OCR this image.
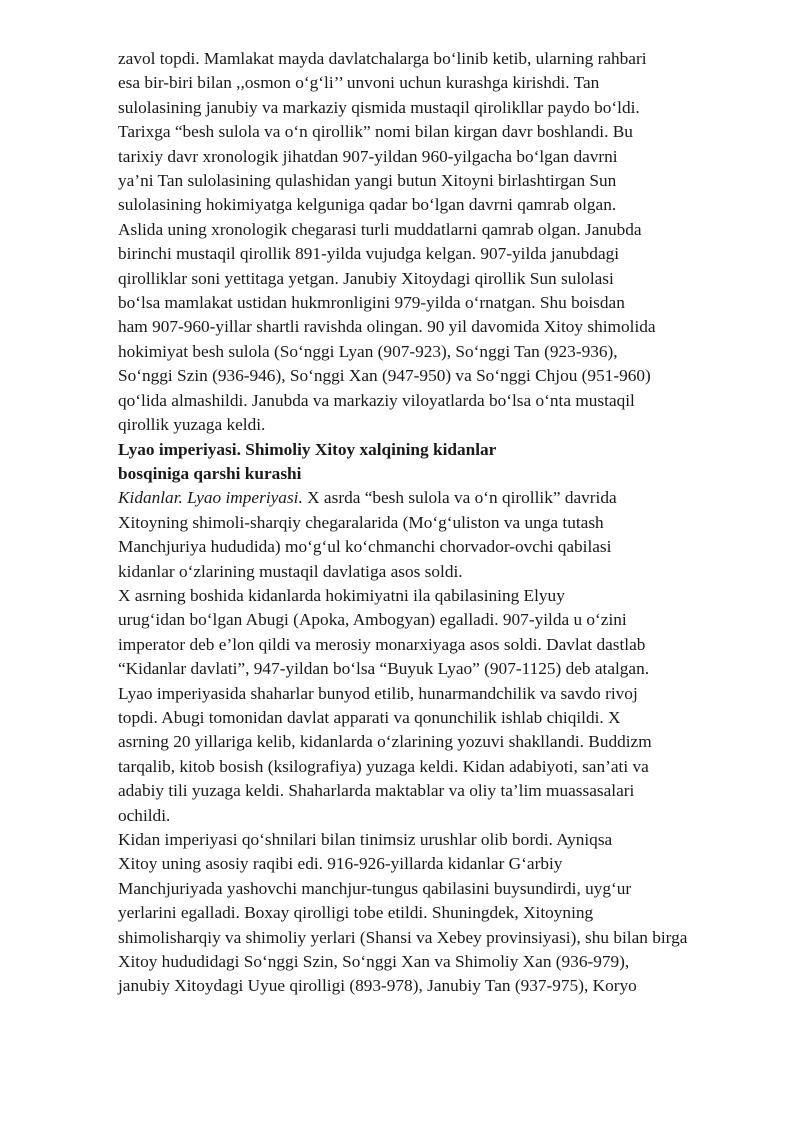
zavol topdi. Mamlakat mayda davlatchalarga bo‘linib ketib, ularning rahbari
esa bir-biri bilan ,,osmon o‘g‘li’’ unvoni uchun kurashga kirishdi. Tan
sulolasining janubiy va markaziy qismida mustaqil qirolikllar paydo bo‘ldi.
Tarixga “besh sulola va o‘n qirollik” nomi bilan kirgan davr boshlandi. Bu
tarixiy davr xronologik jihatdan 907-yildan 960-yilgacha bo‘lgan davrni
ya’ni Tan sulolasining qulashidan yangi butun Xitoyni birlashtirgan Sun
sulolasining hokimiyatga kelguniga qadar bo‘lgan davrni qamrab olgan.
Aslida uning xronologik chegarasi turli muddatlarni qamrab olgan. Janubda
birinchi mustaqil qirollik 891-yilda vujudga kelgan. 907-yilda janubdagi
qirolliklar soni yettitaga yetgan. Janubiy Xitoydagi qirollik Sun sulolasi
bo‘lsa mamlakat ustidan hukmronligini 979-yilda o‘rnatgan. Shu boisdan
ham 907-960-yillar shartli ravishda olingan. 90 yil davomida Xitoy shimolida
hokimiyat besh sulola (So‘nggi Lyan (907-923), So‘nggi Tan (923-936),
So‘nggi Szin (936-946), So‘nggi Xan (947-950) va So‘nggi Chjou (951-960)
qo‘lida almashildi. Janubda va markaziy viloyatlarda bo‘lsa o‘nta mustaqil
qirollik yuzaga keldi.
Lyao imperiyasi. Shimoliy Xitoy xalqining kidanlar
bosqiniga qarshi kurashi
Kidanlar. Lyao imperiyasi. X asrda “besh sulola va o‘n qirollik” davrida
Xitoyning shimoli-sharqiy chegaralarida (Mo‘g‘uliston va unga tutash
Manchjuriya hududida) mo‘g‘ul ko‘chmanchi chorvador-ovchi qabilasi
kidanlar o‘zlarining mustaqil davlatiga asos soldi.
X asrning boshida kidanlarda hokimiyatni ila qabilasining Elyuy
urug‘idan bo‘lgan Abugi (Apoka, Ambogyan) egalladi. 907-yilda u o‘zini
imperator deb e’lon qildi va merosiy monarxiyaga asos soldi. Davlat dastlab
“Kidanlar davlati”, 947-yildan bo‘lsa “Buyuk Lyao” (907-1125) deb atalgan.
Lyao imperiyasida shaharlar bunyod etilib, hunarmandchilik va savdo rivoj
topdi. Abugi tomonidan davlat apparati va qonunchilik ishlab chiqildi. X
asrning 20 yillariga kelib, kidanlarda o‘zlarining yozuvi shakllandi. Buddizm
tarqalib, kitob bosish (ksilografiya) yuzaga keldi. Kidan adabiyoti, san’ati va
adabiy tili yuzaga keldi. Shaharlarda maktablar va oliy ta’lim muassasalari
ochildi.
Kidan imperiyasi qo‘shnilari bilan tinimsiz urushlar olib bordi. Ayniqsa
Xitoy uning asosiy raqibi edi. 916-926-yillarda kidanlar G‘arbiy
Manchjuriyada yashovchi manchjur-tungus qabilasini buysundirdi, uyg‘ur
yerlarini egalladi. Boxay qirolligi tobe etildi. Shuningdek, Xitoyning
shimolisharqiy va shimoliy yerlari (Shansi va Xebey provinsiyasi), shu bilan birga
Xitoy hududidagi So‘nggi Szin, So‘nggi Xan va Shimoliy Xan (936-979),
janubiy Xitoydagi Uyue qirolligi (893-978), Janubiy Tan (937-975), Koryo
